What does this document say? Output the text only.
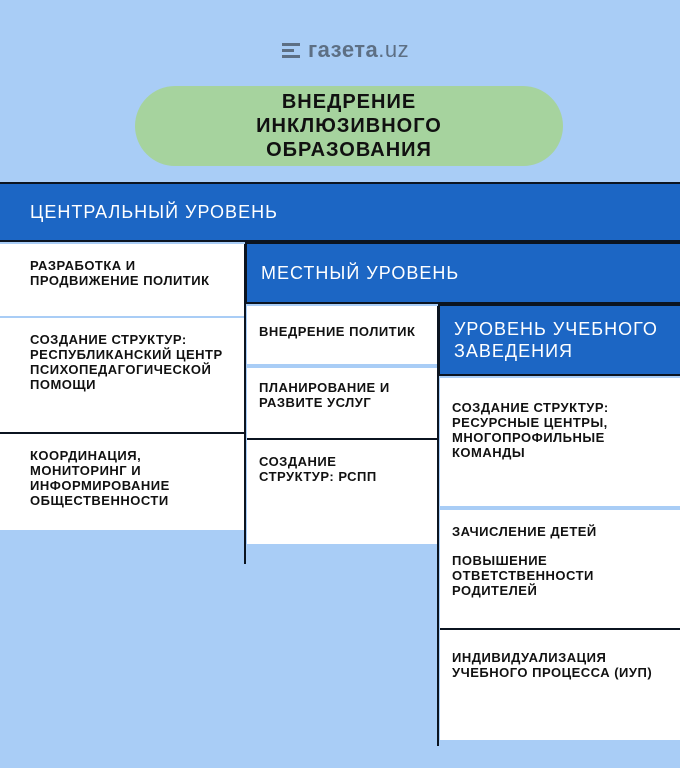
газета.uz
ВНЕДРЕНИЕ ИНКЛЮЗИВНОГО ОБРАЗОВАНИЯ
ЦЕНТРАЛЬНЫЙ УРОВЕНЬ
РАЗРАБОТКА И ПРОДВИЖЕНИЕ ПОЛИТИК
СОЗДАНИЕ СТРУКТУР: РЕСПУБЛИКАНСКИЙ ЦЕНТР ПСИХОПЕДАГОГИЧЕСКОЙ ПОМОЩИ
КООРДИНАЦИЯ, МОНИТОРИНГ И ИНФОРМИРОВАНИЕ ОБЩЕСТВЕННОСТИ
МЕСТНЫЙ УРОВЕНЬ
ВНЕДРЕНИЕ ПОЛИТИК
ПЛАНИРОВАНИЕ И РАЗВИТЕ УСЛУГ
СОЗДАНИЕ СТРУКТУР: РСПП
УРОВЕНЬ УЧЕБНОГО ЗАВЕДЕНИЯ
СОЗДАНИЕ СТРУКТУР: РЕСУРСНЫЕ ЦЕНТРЫ, МНОГОПРОФИЛЬНЫЕ КОМАНДЫ
ЗАЧИСЛЕНИЕ ДЕТЕЙ
ПОВЫШЕНИЕ ОТВЕТСТВЕННОСТИ РОДИТЕЛЕЙ
ИНДИВИДУАЛИЗАЦИЯ УЧЕБНОГО ПРОЦЕССА (ИУП)
